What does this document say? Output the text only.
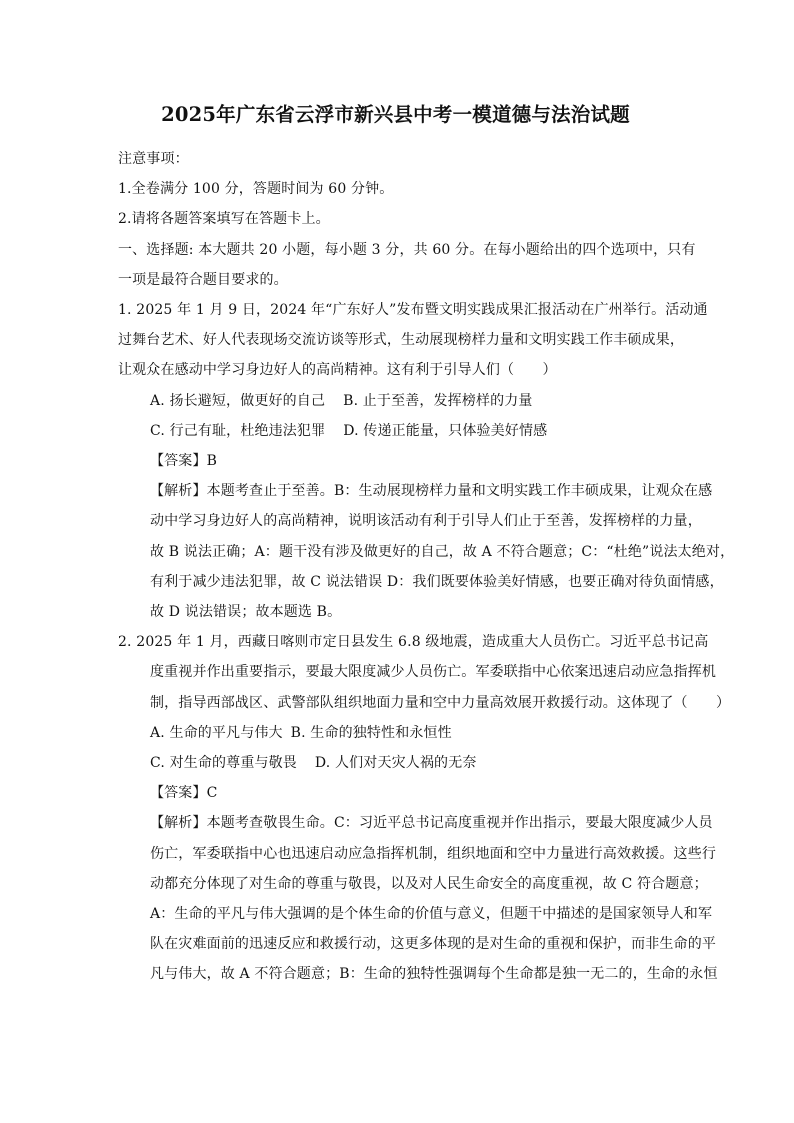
2025年广东省云浮市新兴县中考一模道德与法治试题

注意事项：

1.全卷满分 100 分，答题时间为 60 分钟。

2.请将各题答案填写在答题卡上。

一、选择题: 本大题共 20 小题，每小题 3 分，共 60 分。在每小题给出的四个选项中，只有

一项是最符合题目要求的。

1. 2025 年 1 月 9 日，2024 年“广东好人”发布暨文明实践成果汇报活动在广州举行。活动通

过舞台艺术、好人代表现场交流访谈等形式，生动展现榜样力量和文明实践工作丰硕成果，

让观众在感动中学习身边好人的高尚精神。这有利于引导人们（　　）

A. 扬长避短，做更好的自己 B. 止于至善，发挥榜样的力量

C. 行己有耻，杜绝违法犯罪 D. 传递正能量，只体验美好情感

【答案】B

【解析】本题考查止于至善。B：生动展现榜样力量和文明实践工作丰硕成果，让观众在感

动中学习身边好人的高尚精神，说明该活动有利于引导人们止于至善，发挥榜样的力量，

故 B 说法正确；A：题干没有涉及做更好的自己，故 A 不符合题意；C：“杜绝”说法太绝对，

有利于减少违法犯罪，故 C 说法错误 D：我们既要体验美好情感，也要正确对待负面情感，

故 D 说法错误；故本题选 B。

2. 2025 年 1 月，西藏日喀则市定日县发生 6.8 级地震，造成重大人员伤亡。习近平总书记高

度重视并作出重要指示，要最大限度减少人员伤亡。军委联指中心依案迅速启动应急指挥机

制，指导西部战区、武警部队组织地面力量和空中力量高效展开救援行动。这体现了（　　）

A. 生命的平凡与伟大 B. 生命的独特性和永恒性

C. 对生命的尊重与敬畏 D. 人们对天灾人祸的无奈

【答案】C

【解析】本题考查敬畏生命。C：习近平总书记高度重视并作出指示，要最大限度减少人员

伤亡，军委联指中心也迅速启动应急指挥机制，组织地面和空中力量进行高效救援。这些行

动都充分体现了对生命的尊重与敬畏，以及对人民生命安全的高度重视，故 C 符合题意；

A：生命的平凡与伟大强调的是个体生命的价值与意义，但题干中描述的是国家领导人和军

队在灾难面前的迅速反应和救援行动，这更多体现的是对生命的重视和保护，而非生命的平

凡与伟大，故 A 不符合题意；B：生命的独特性强调每个生命都是独一无二的，生命的永恒
